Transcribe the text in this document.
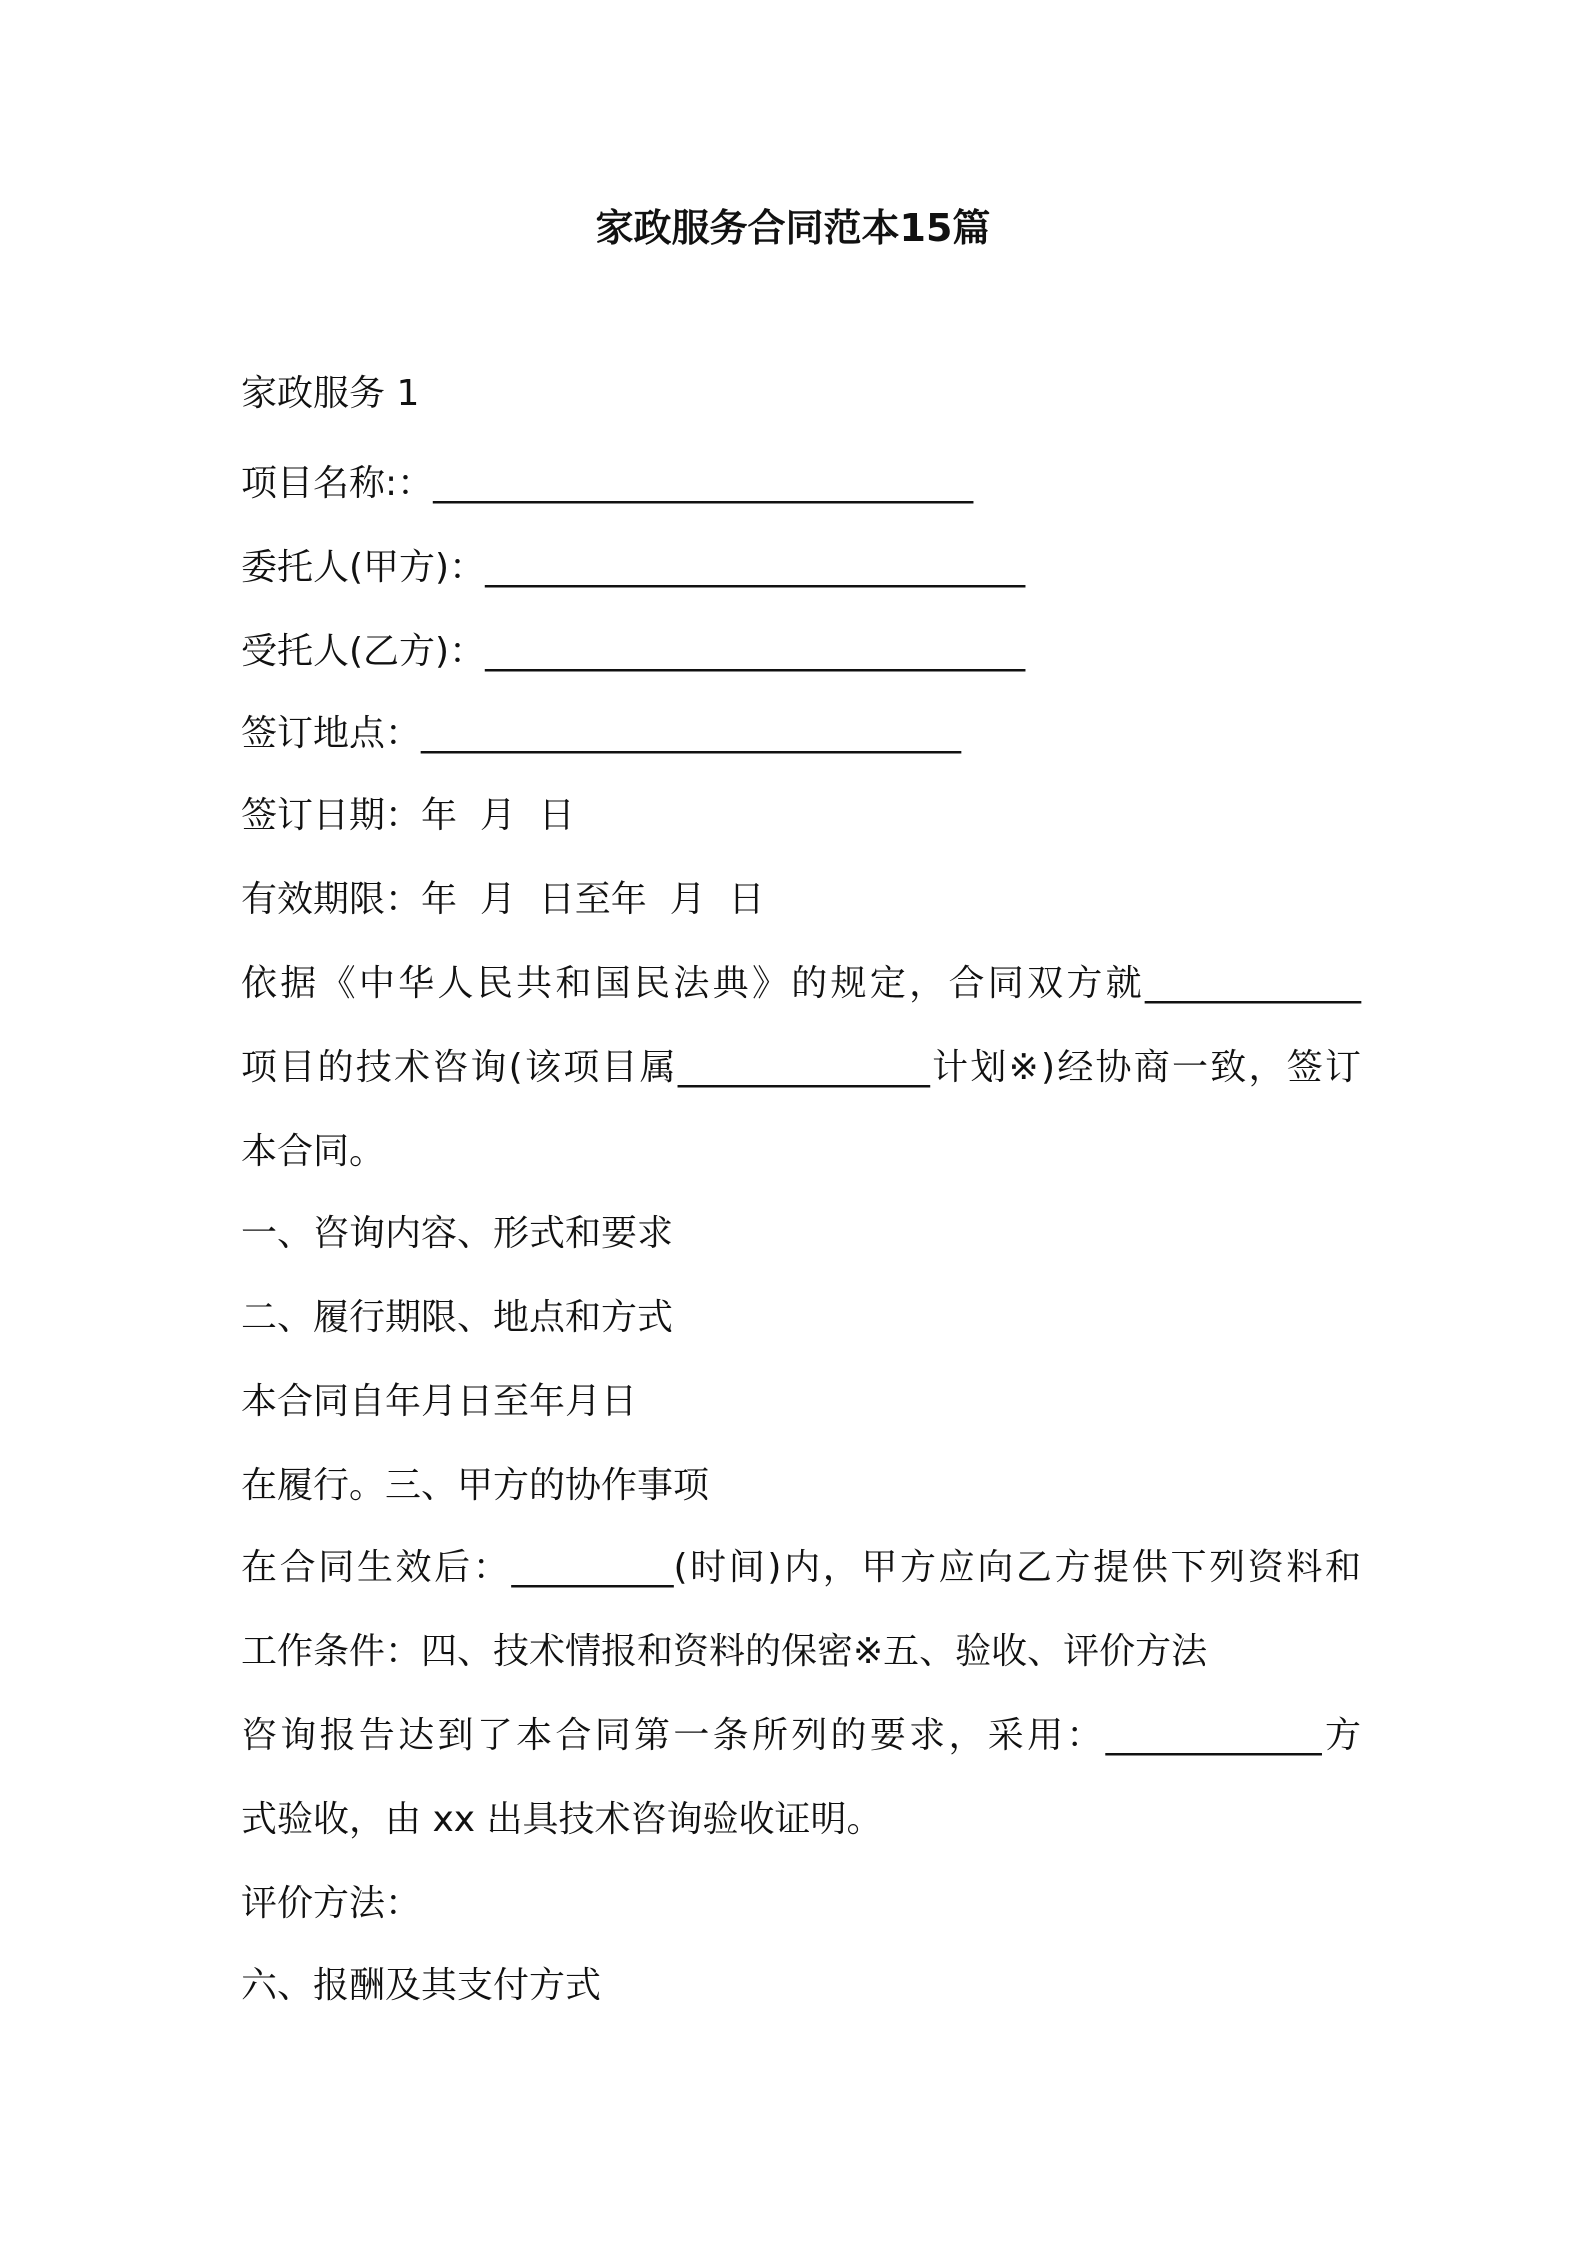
家政服务合同范本15篇
家政服务 1
项目名称:：______________________________
委托人(甲方)：______________________________
受托人(乙方)：______________________________
签订地点：______________________________
签订日期：年  月  日
有效期限：年  月  日至年  月  日
依据《中华人民共和国民法典》的规定，合同双方就____________
项目的技术咨询(该项目属______________计划※)经协商一致，签订
本合同。
一、咨询内容、形式和要求
二、履行期限、地点和方式
本合同自年月日至年月日
在履行。三、甲方的协作事项
在合同生效后：_________(时间)内，甲方应向乙方提供下列资料和
工作条件：四、技术情报和资料的保密※五、验收、评价方法
咨询报告达到了本合同第一条所列的要求，采用：____________方
式验收，由 xx 出具技术咨询验收证明。
评价方法：
六、报酬及其支付方式
